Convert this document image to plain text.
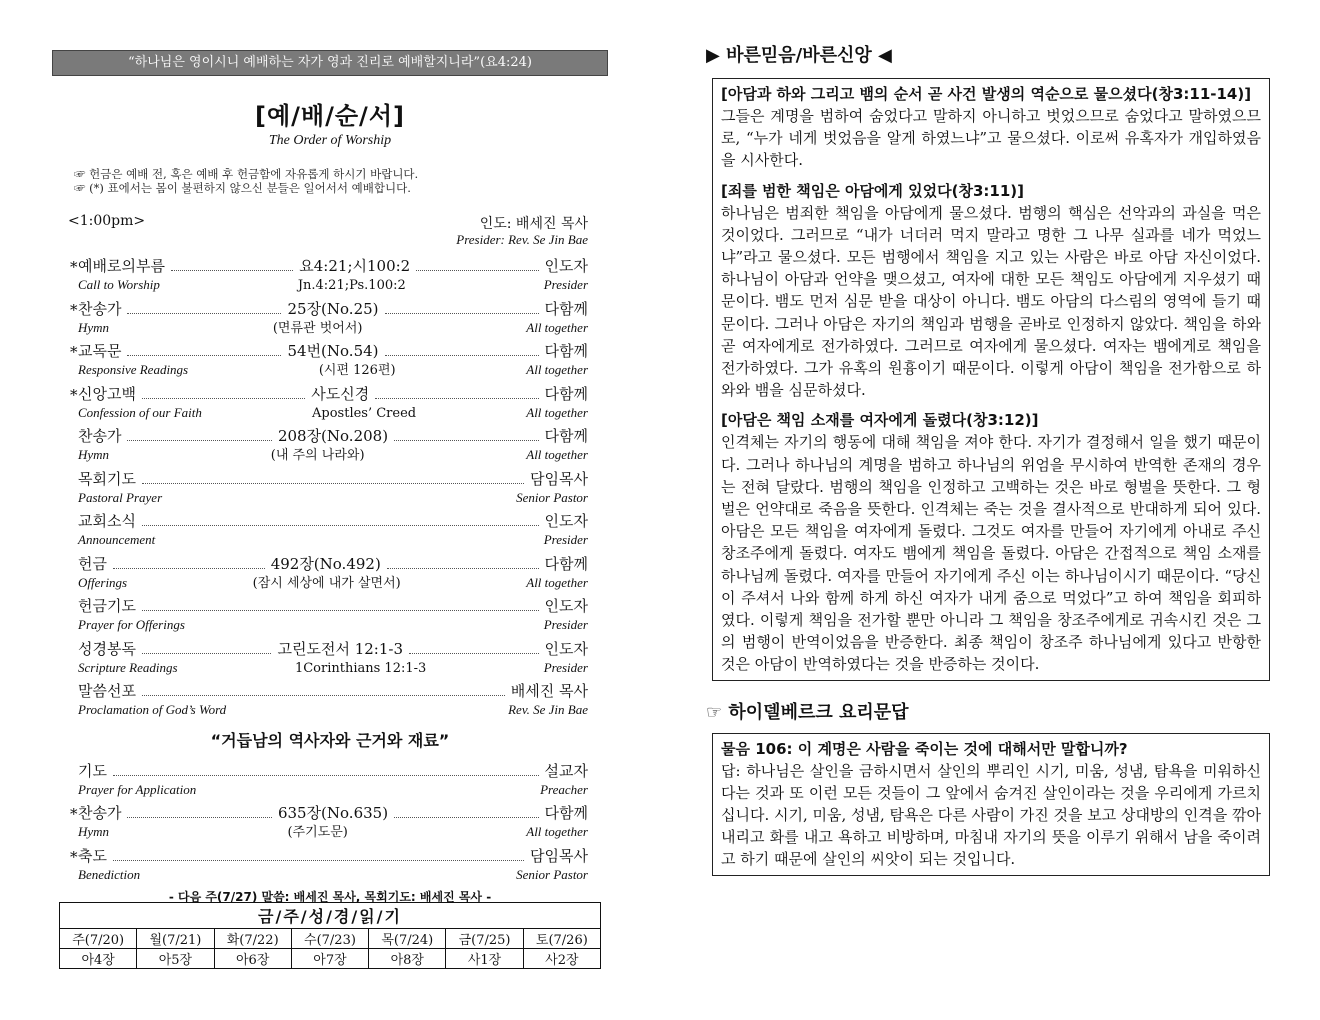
“하나님은 영이시니 예배하는 자가 영과 진리로 예배할지니라”(요4:24)
[예/배/순/서]
The Order of Worship
☞ 헌금은 예배 전, 혹은 예배 후 헌금함에 자유롭게 하시기 바랍니다.
☞ (*) 표에서는 몸이 불편하지 않으신 분들은 일어서서 예배합니다.
<1:00pm>	인도: 배세진 목사
Presider: Rev. Se Jin Bae
* 예배로의부름	요4:21;시100:2	인도자
Call to Worship	Jn.4:21;Ps.100:2	Presider
* 찬송가	25장(No.25)	다함께
Hymn	(면류관 벗어서)	All together
* 교독문	54번(No.54)	다함께
Responsive Readings	(시편 126편)	All together
* 신앙고백	사도신경	다함께
Confession of our Faith	Apostles’ Creed	All together
찬송가	208장(No.208)	다함께
Hymn	(내 주의 나라와)	All together
목회기도	담임목사
Pastoral Prayer	Senior Pastor
교회소식	인도자
Announcement	Presider
헌금	492장(No.492)	다함께
Offerings	(잠시 세상에 내가 살면서)	All together
헌금기도	인도자
Prayer for Offerings	Presider
성경봉독	고린도전서 12:1-3	인도자
Scripture Readings	1Corinthians 12:1-3	Presider
말씀선포	배세진 목사
Proclamation of God’s Word	Rev. Se Jin Bae
“거듭남의 역사자와 근거와 재료”
기도	설교자
Prayer for Application	Preacher
* 찬송가	635장(No.635)	다함께
Hymn	(주기도문)	All together
* 축도	담임목사
Benediction	Senior Pastor
- 다음 주(7/27) 말씀: 배세진 목사, 목회기도: 배세진 목사 -
금/주/성/경/읽/기						
주(7/20)	월(7/21)	화(7/22)	수(7/23)	목(7/24)	금(7/25)	토(7/26)
아4장	아5장	아6장	아7장	아8장	사1장	사2장
▶ 바른믿음/바른신앙 ◀
[아담과 하와 그리고 뱀의 순서 곧 사건 발생의 역순으로 물으셨다(창3:11-14)]

그들은 계명을 범하여 숨었다고 말하지 아니하고 벗었으므로 숨었다고 말하였으므로, “누가 네게 벗었음을 알게 하였느냐”고 물으셨다. 이로써 유혹자가 개입하였음을 시사한다.

[죄를 범한 책임은 아담에게 있었다(창3:11)]

하나님은 범죄한 책임을 아담에게 물으셨다. 범행의 핵심은 선악과의 과실을 먹은 것이었다. 그러므로 “내가 너더러 먹지 말라고 명한 그 나무 실과를 네가 먹었느냐”라고 물으셨다. 모든 범행에서 책임을 지고 있는 사람은 바로 아담 자신이었다. 하나님이 아담과 언약을 맺으셨고, 여자에 대한 모든 책임도 아담에게 지우셨기 때문이다. 뱀도 먼저 심문 받을 대상이 아니다. 뱀도 아담의 다스림의 영역에 들기 때문이다. 그러나 아담은 자기의 책임과 범행을 곧바로 인정하지 않았다. 책임을 하와 곧 여자에게로 전가하였다. 그러므로 여자에게 물으셨다. 여자는 뱀에게로 책임을 전가하였다. 그가 유혹의 원흉이기 때문이다. 이렇게 아담이 책임을 전가함으로 하와와 뱀을 심문하셨다.

[아담은 책임 소재를 여자에게 돌렸다(창3:12)]

인격체는 자기의 행동에 대해 책임을 져야 한다. 자기가 결정해서 일을 했기 때문이다. 그러나 하나님의 계명을 범하고 하나님의 위엄을 무시하여 반역한 존재의 경우는 전혀 달랐다. 범행의 책임을 인정하고 고백하는 것은 바로 형벌을 뜻한다. 그 형벌은 언약대로 죽음을 뜻한다. 인격체는 죽는 것을 결사적으로 반대하게 되어 있다. 아담은 모든 책임을 여자에게 돌렸다. 그것도 여자를 만들어 자기에게 아내로 주신 창조주에게 돌렸다. 여자도 뱀에게 책임을 돌렸다. 아담은 간접적으로 책임 소재를 하나님께 돌렸다. 여자를 만들어 자기에게 주신 이는 하나님이시기 때문이다. “당신이 주셔서 나와 함께 하게 하신 여자가 내게 줌으로 먹었다”고 하여 책임을 회피하였다. 이렇게 책임을 전가할 뿐만 아니라 그 책임을 창조주에게로 귀속시킨 것은 그의 범행이 반역이었음을 반증한다. 최종 책임이 창조주 하나님에게 있다고 반항한 것은 아담이 반역하였다는 것을 반증하는 것이다.

☞ 하이델베르크 요리문답
물음 106: 이 계명은 사람을 죽이는 것에 대해서만 말합니까?

답: 하나님은 살인을 금하시면서 살인의 뿌리인 시기, 미움, 성냄, 탐욕을 미워하신다는 것과 또 이런 모든 것들이 그 앞에서 숨겨진 살인이라는 것을 우리에게 가르치십니다. 시기, 미움, 성냄, 탐욕은 다른 사람이 가진 것을 보고 상대방의 인격을 깎아내리고 화를 내고 욕하고 비방하며, 마침내 자기의 뜻을 이루기 위해서 남을 죽이려고 하기 때문에 살인의 씨앗이 되는 것입니다.
